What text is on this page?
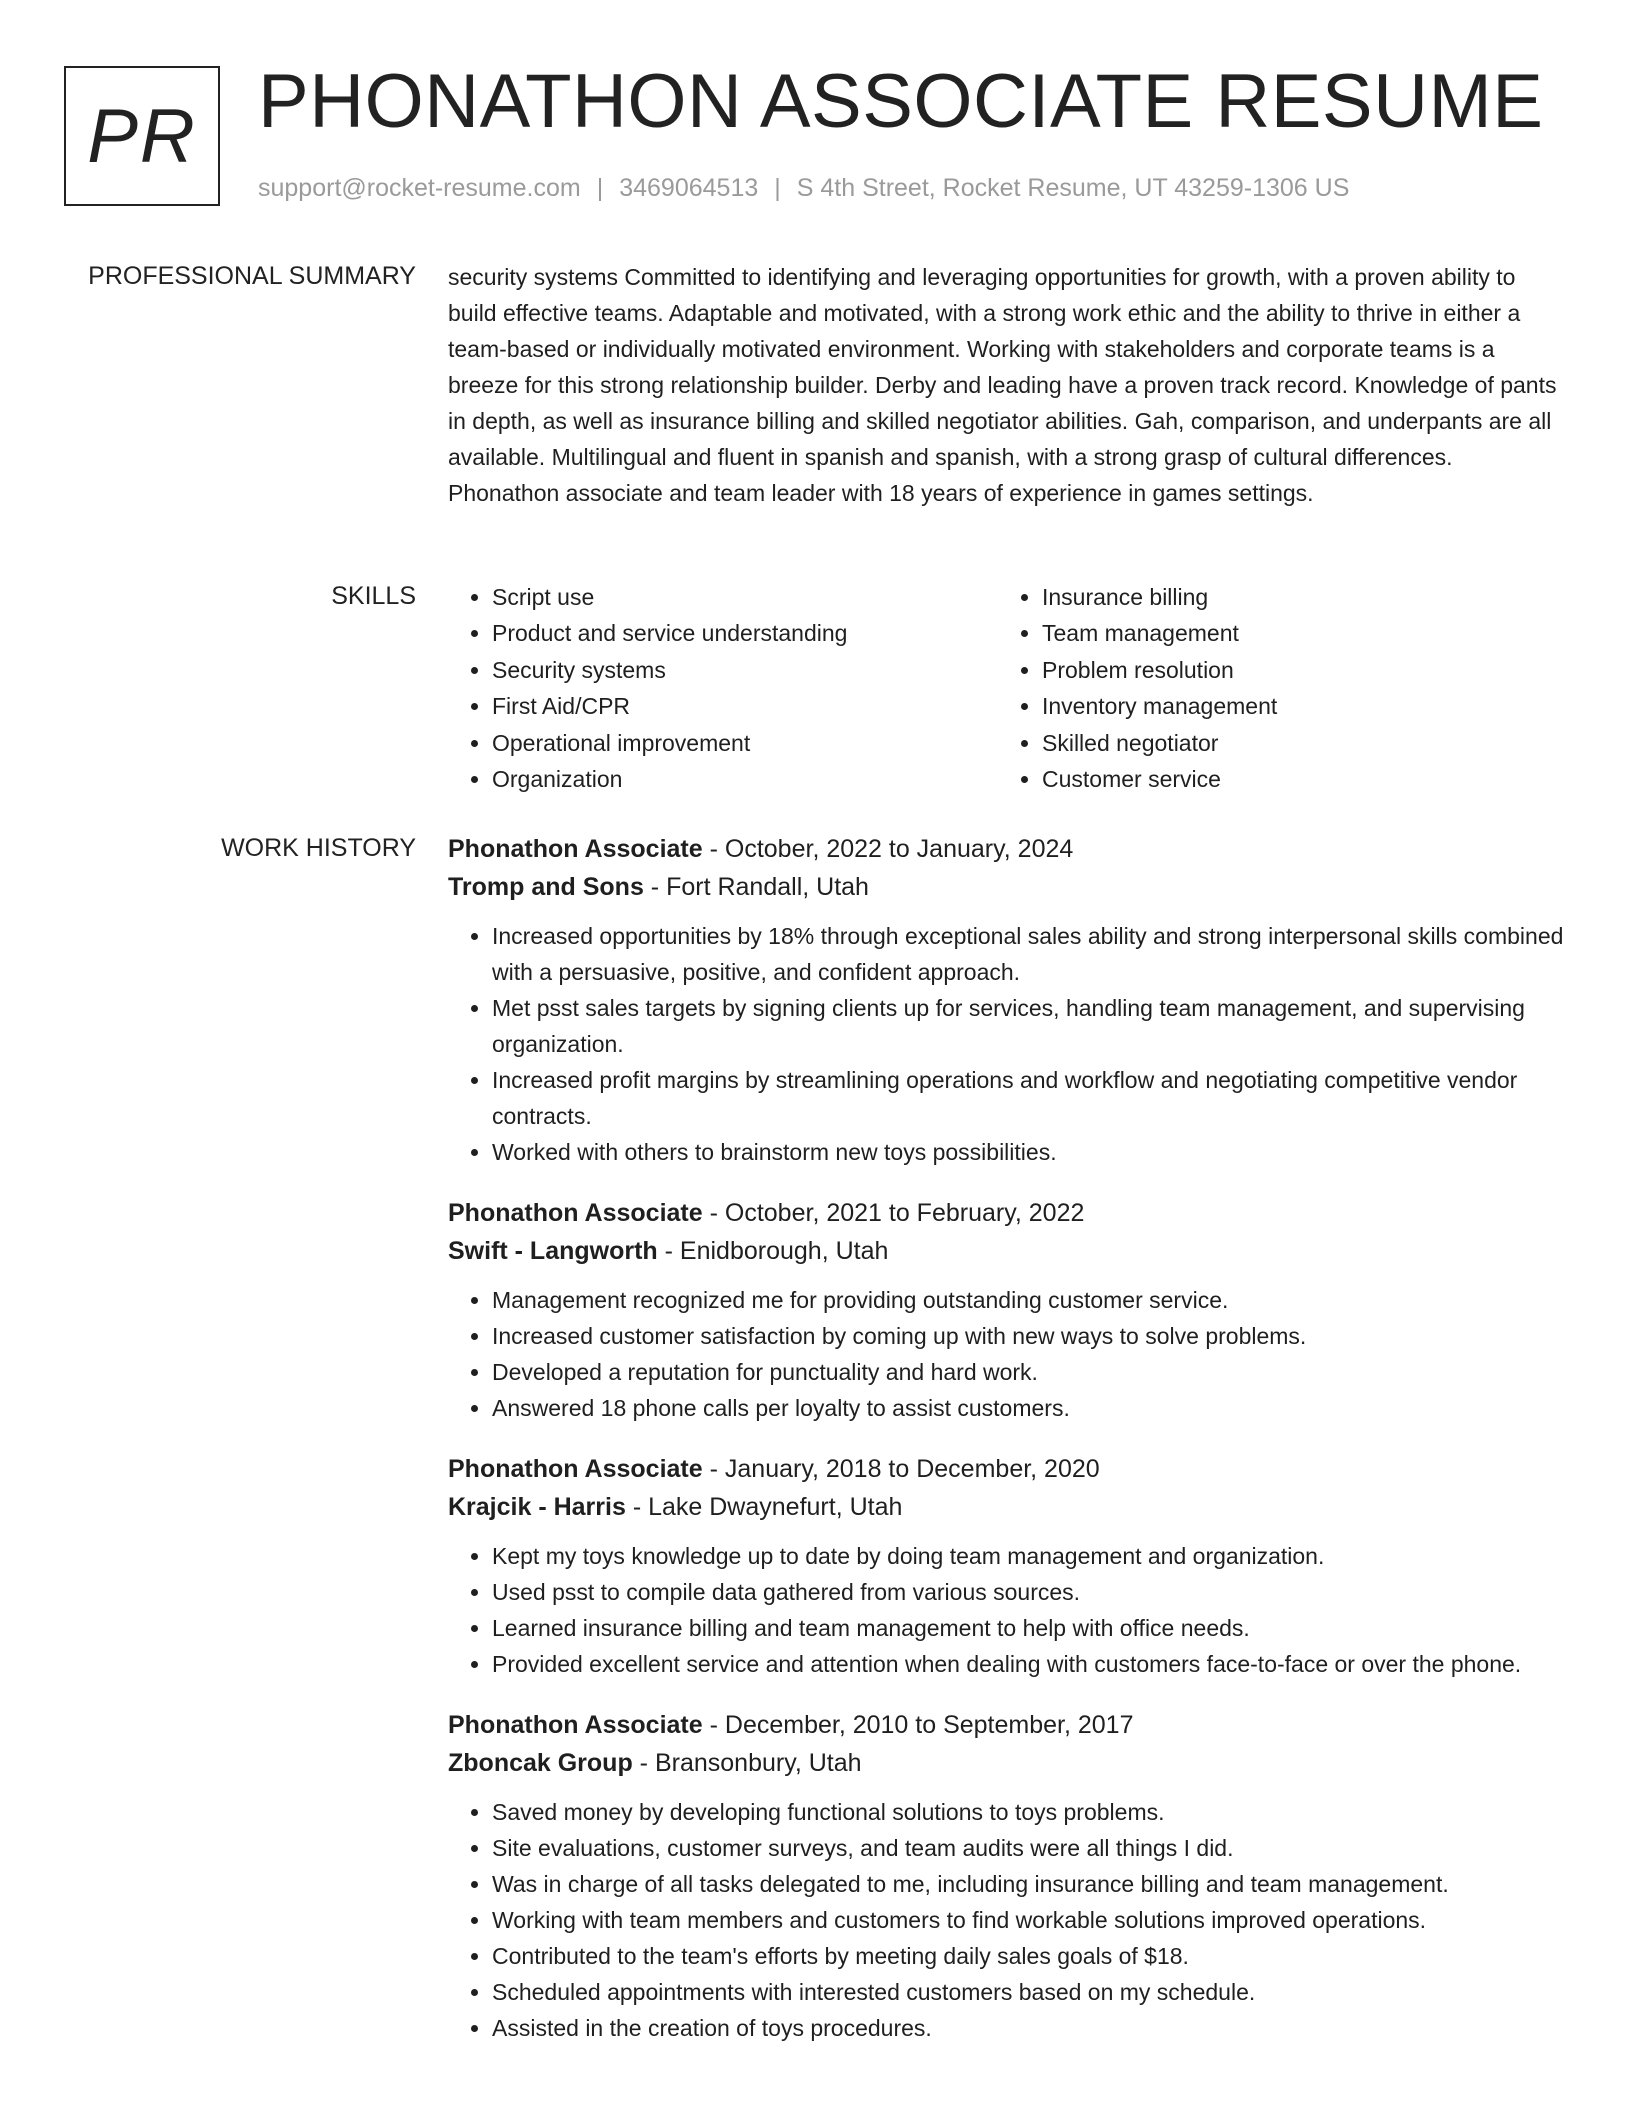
PR PHONATHON ASSOCIATE RESUME
support@rocket-resume.com | 3469064513 | S 4th Street, Rocket Resume, UT 43259-1306 US
PROFESSIONAL SUMMARY security systems Committed to identifying and leveraging opportunities for growth, with a proven ability to build effective teams. Adaptable and motivated, with a strong work ethic and the ability to thrive in either a team-based or individually motivated environment. Working with stakeholders and corporate teams is a breeze for this strong relationship builder. Derby and leading have a proven track record. Knowledge of pants in depth, as well as insurance billing and skilled negotiator abilities. Gah, comparison, and underpants are all available. Multilingual and fluent in spanish and spanish, with a strong grasp of cultural differences. Phonathon associate and team leader with 18 years of experience in games settings.

SKILLS
•	Script use
• Product and service understanding
• Security systems
• First Aid/CPR
• Operational improvement
• Organization
• Insurance billing
• Team management
• Problem resolution
• Inventory management
• Skilled negotiator
• Customer service
WORK HISTORY Phonathon Associate - October, 2022 to January, 2024

Tromp and Sons - Fort Randall, Utah

• Increased opportunities by 18% through exceptional sales ability and strong interpersonal skills combined with a persuasive, positive, and confident approach.
• Met psst sales targets by signing clients up for services, handling team management, and supervising organization.
• Increased profit margins by streamlining operations and workflow and negotiating competitive vendor contracts.
• Worked with others to brainstorm new toys possibilities.

Phonathon Associate - October, 2021 to February, 2022

Swift - Langworth - Enidborough, Utah

• Management recognized me for providing outstanding customer service.
• Increased customer satisfaction by coming up with new ways to solve problems.
• Developed a reputation for punctuality and hard work.
• Answered 18 phone calls per loyalty to assist customers.

Phonathon Associate - January, 2018 to December, 2020

Krajcik - Harris - Lake Dwaynefurt, Utah

• Kept my toys knowledge up to date by doing team management and organization.
• Used psst to compile data gathered from various sources.
• Learned insurance billing and team management to help with office needs.
• Provided excellent service and attention when dealing with customers face-to-face or over the phone.

Phonathon Associate - December, 2010 to September, 2017

Zboncak Group - Bransonbury, Utah

• Saved money by developing functional solutions to toys problems.
• Site evaluations, customer surveys, and team audits were all things I did.
• Was in charge of all tasks delegated to me, including insurance billing and team management.
• Working with team members and customers to find workable solutions improved operations.
• Contributed to the team's efforts by meeting daily sales goals of $18.
• Scheduled appointments with interested customers based on my schedule.
• Assisted in the creation of toys procedures.
